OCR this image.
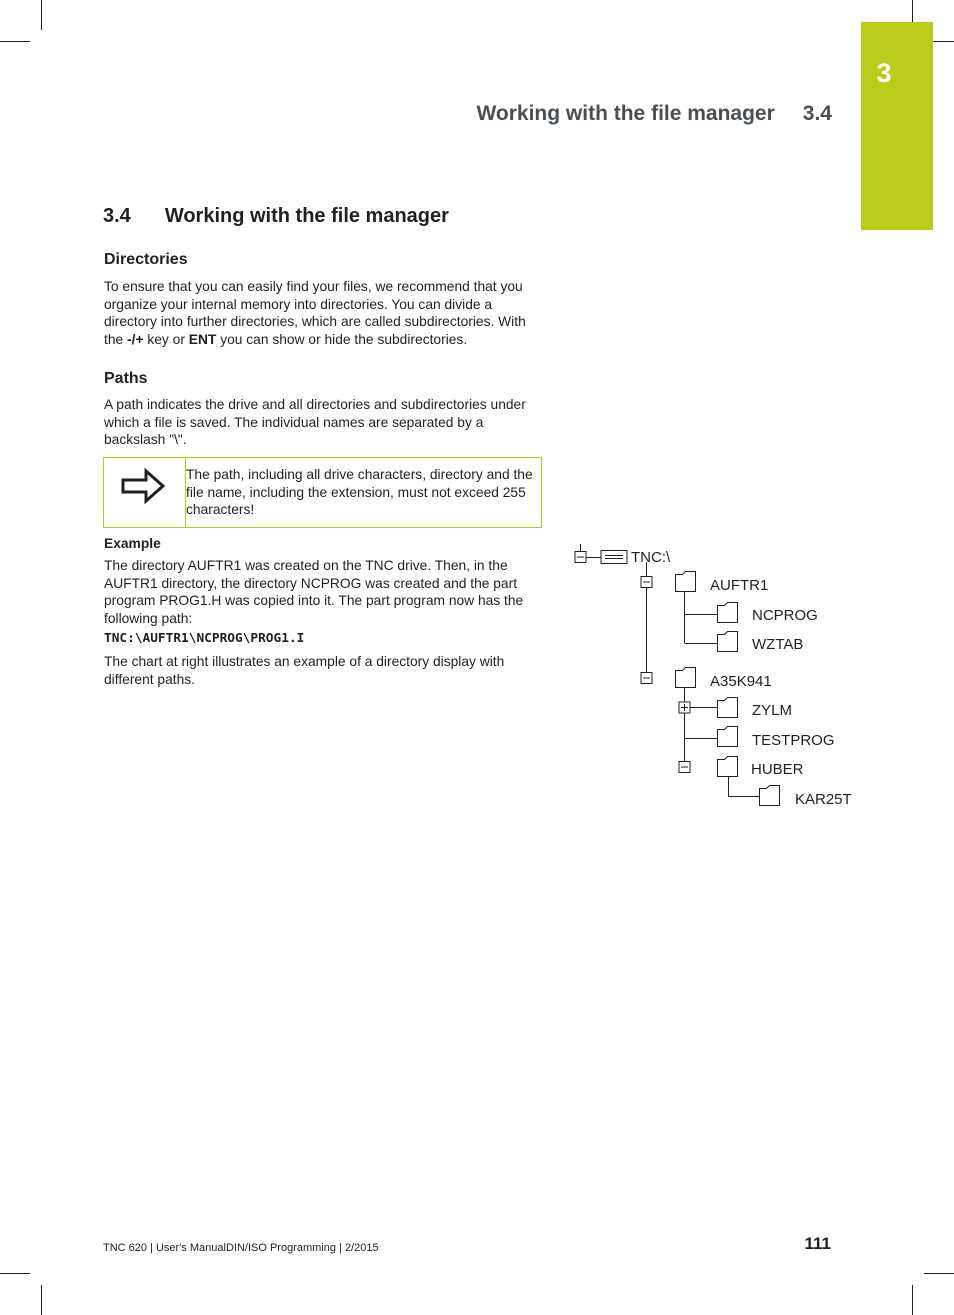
3
Working with the file manager 3.4
3.4 Working with the file manager
Directories
To ensure that you can easily find your files, we recommend that you organize your internal memory into directories. You can divide a directory into further directories, which are called subdirectories. With the -/+ key or ENT you can show or hide the subdirectories.
Paths
A path indicates the drive and all directories and subdirectories under which a file is saved. The individual names are separated by a backslash "\".
The path, including all drive characters, directory and the file name, including the extension, must not exceed 255 characters!
Example
The directory AUFTR1 was created on the TNC drive. Then, in the AUFTR1 directory, the directory NCPROG was created and the part program PROG1.H was copied into it. The part program now has the following path:
TNC:\AUFTR1\NCPROG\PROG1.I
The chart at right illustrates an example of a directory display with different paths.
TNC:\
AUFTR1
NCPROG
WZTAB
A35K941
ZYLM
TESTPROG
HUBER
KAR25T
TNC 620 | User's ManualDIN/ISO Programming | 2/2015	111
